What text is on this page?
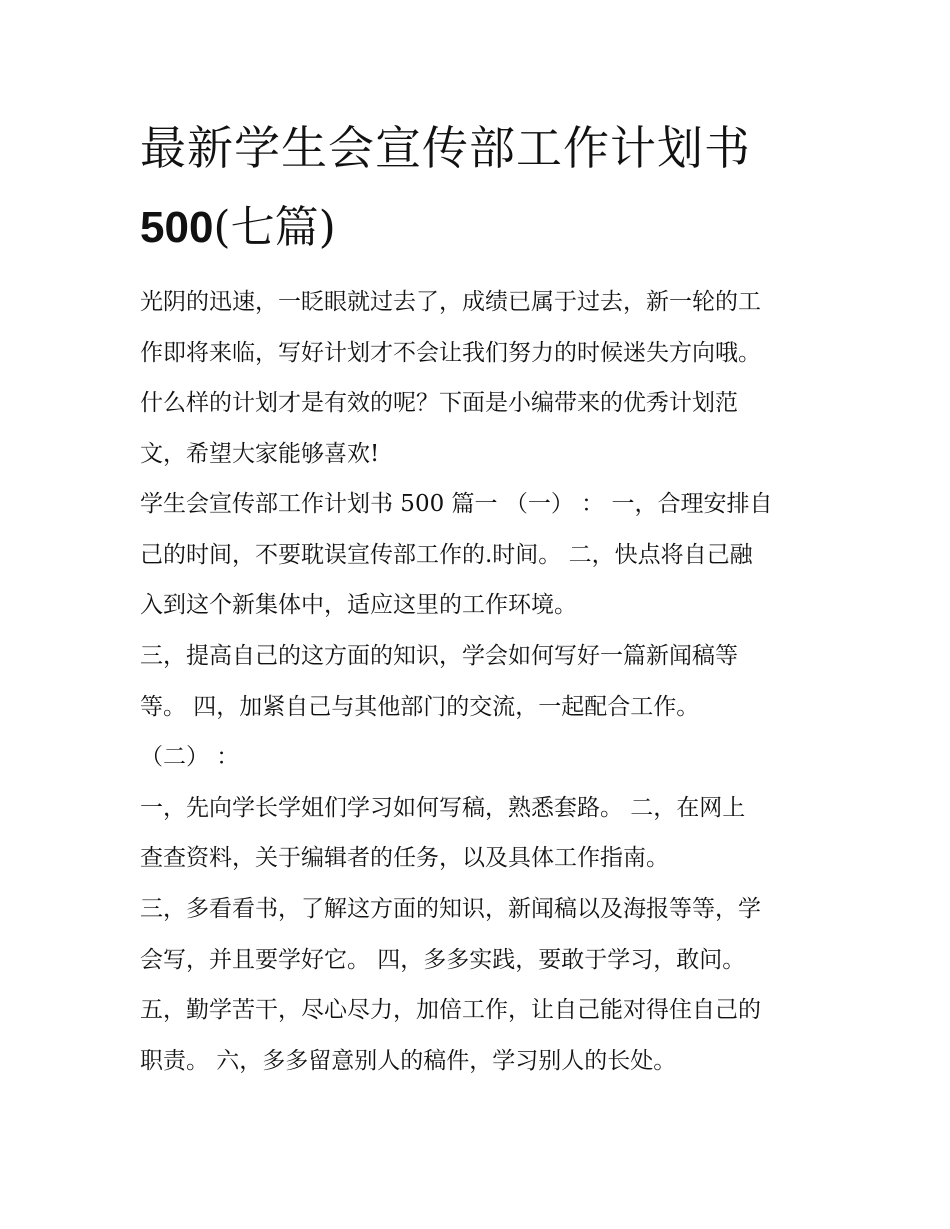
最新学生会宣传部工作计划书
500(七篇)
光阴的迅速，一眨眼就过去了，成绩已属于过去，新一轮的工
作即将来临，写好计划才不会让我们努力的时候迷失方向哦。
什么样的计划才是有效的呢？下面是小编带来的优秀计划范
文，希望大家能够喜欢!
学生会宣传部工作计划书 500 篇一 （一） ： 一，合理安排自
己的时间，不要耽误宣传部工作的.时间。 二，快点将自己融
入到这个新集体中，适应这里的工作环境。
三，提高自己的这方面的知识，学会如何写好一篇新闻稿等
等。 四，加紧自己与其他部门的交流，一起配合工作。
（二） ：
一，先向学长学姐们学习如何写稿，熟悉套路。 二，在网上
查查资料，关于编辑者的任务，以及具体工作指南。
三，多看看书，了解这方面的知识，新闻稿以及海报等等，学
会写，并且要学好它。 四，多多实践，要敢于学习，敢问。
五，勤学苦干，尽心尽力，加倍工作，让自己能对得住自己的
职责。 六，多多留意别人的稿件，学习别人的长处。
